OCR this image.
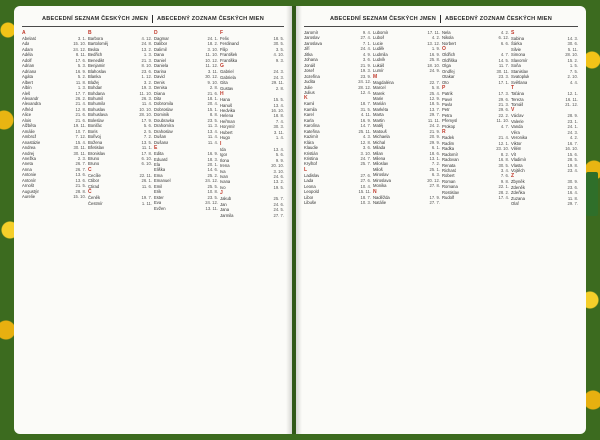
ABECEDNÍ SEZNAM ČESKÝCH JMEN ABECEDNÝ ZOZNAM ČESKÝCH MIEN
A
Abelard	3. 1.
Ada	15. 10.
Adam	24. 12.
Adéla	8. 11.
Adolf	17. 6.
Adrian	5. 3.
Adriana	16. 9.
Agáta	5. 2.
Albert	11. 8.
Albín	1. 3.
Aleš	17. 7.
Alexandr	26. 2.
Alexandra	21. 4.
Alfréd	12. 8.
Alice	21. 6.
Alois	21. 6.
Alžběta	19. 11.
Amálie	10. 7.
Ambrož	7. 12.
Anastázie	15. 4.
Andrea	30. 11.
Andrej	30. 11.
Anežka	2. 3.
Aneta	26. 7.
Anna	26. 7.
Antonie	13. 6.
Antonín	13. 6.
Arnošt	21. 5.
Augustýn	28. 8.
Aurelie	15. 10.
B
Barbora	4. 12.
Bartoloměj	24. 8.
Beáta	13. 2.
Bedřich	1. 3.
Benedikt	21. 3.
Benjamin	8. 10.
Blahoslav	23. 6.
Blanka	1. 12.
Blažej	3. 2.
Bohdan	19. 3.
Bohdana	11. 10.
Bohumil	26. 3.
Bohumila	11. 4.
Bohuslav	10. 10.
Bohuslava	28. 10.
Boleslav	17. 9.
Bonifác	5. 6.
Boris	2. 5.
Bořivoj	7. 2.
Božena	13. 5.
Břetislav	11. 1.
Bronislav	17. 8.
Bruno	6. 10.
Bruno	6. 10.
C
Cecílie	22. 11.
Ctibor	26. 1.
Ctirad	11. 6.
Č
Čeněk	19. 7.
Čestmír	1. 11.
D
Dagmar	24. 1.
Dalibor	18. 2.
Dalimil	3. 10.
Dana	11. 10.
Daniel	10. 12.
Daniela	11. 12.
Darina	3. 11.
David	30. 12.
Denis	9. 10.
Denisa	2. 8.
Diana	21. 6.
Dita	18. 1.
Dobromila	20. 4.
Dobroslav	15. 1.
Dominik	8. 8.
Doubravka	23. 5.
Drahomíra	11. 3.
Drahoslav	13. 4.
Dušan	11. 4.
Dušana	11. 4.
E
Edita	16. 9.
Eduard	18. 3.
Ela	20. 1.
Eliška	14. 6.
Ema	25. 2.
Emanuel	24. 12.
Emil	25. 5.
Erik	10. 8.
Ester	23. 5.
Eva	24. 12.
Evžen	13. 11.
F
Felix	18. 5.
Ferdinand	30. 5.
Filip	3. 5.
František	4. 10.
Františka	9. 3.
G
Gabriel	24. 3.
Gabriela	24. 3.
Gita	29. 11.
Gustav	2. 8.
H
Hana	15. 5.
Hanuš	13. 4.
Hedvika	16. 10.
Helena	18. 8.
Heřman	7. 4.
Horymír	30. 3.
Hubert	3. 11.
Hugo	1. 4.
I
Ida	13. 4.
Igor	5. 6.
Ilona	9. 9.
Irena	20. 10.
Iva	3. 10.
Ivan	24. 6.
Ivana	13. 2.
Ivo	19. 5.
J
Jakub	25. 7.
Jan	24. 6.
Jana	24. 5.
Jarmila	27. 7.
ABECEDNÍ SEZNAM ČESKÝCH JMEN ABECEDNÝ ZOZNAM ČESKÝCH MIEN
Jaromír	9. 4.
Jaroslav	27. 4.
Jaroslava	7. 1.
Jiří	24. 4.
Jitka	4. 9.
Johana	3. 6.
Jonáš	21. 9.
Josef	19. 3.
Jozefína	23. 9.
Judita	24. 12.
Julie	28. 12.
Julius	12. 4.
K
Kamil	18. 7.
Kamila	31. 5.
Karel	4. 11.
Karla	16. 9.
Karolína	14. 7.
Kateřina	25. 11.
Kazimír	4. 3.
Klára	12. 8.
Klaudie	3. 6.
Kristián	3. 10.
Kristina	24. 7.
Kryštof	25. 7.
L
Ladislav	27. 6.
Lada	27. 6.
Leona	10. 4.
Leopold	15. 11.
Libor	18. 7.
Libuše	10. 3.
Lubomír	17. 11.
Luboš	4. 2.
Lucie	13. 12.
Luděk	1. 9.
Ludmila	16. 9.
Ludvík	25. 8.
Lukáš	18. 10.
Lumír	24. 9.
M
Magdaléna	22. 7.
Marcel	5. 8.
Marek	25. 4.
Marie	12. 9.
Marián	18. 5.
Markéta	13. 7.
Marta	29. 7.
Martin	11. 11.
Matěj	24. 2.
Matouš	21. 9.
Michaela	20. 9.
Michal	29. 9.
Milada	6. 1.
Milan	18. 6.
Milena	13. 1.
Miloslav	7. 2.
Miloš	25. 1.
Miroslav	6. 3.
Miroslava	20. 12.
Monika	27. 8.
N
Naděžda	17. 9.
Natálie	27. 7.
Nela	4. 2.
Nikola	6. 12.
Norbert	6. 6.
O
Oldřich	4. 7.
Oldřiška	14. 5.
Olga	11. 7.
Ondřej	30. 11.
Otakar	23. 3.
Oto	17. 1.
P
Patrik	17. 3.
Pavel	29. 6.
Pavla	21. 3.
Petr	29. 6.
Petra	22. 2.
Přemysl	11. 10.
Prokop	4. 7.
R
Radek	21. 4.
Radim	12. 1.
Radka	23. 10.
Radomír	8. 2.
Radovan	16. 8.
Renata	30. 5.
Richard	3. 4.
Robert	7. 6.
Roman	9. 8.
Romana	22. 1.
Rostislav	28. 2.
Rudolf	17. 4.
S
Sabina	14. 3.
Šárka	30. 6.
Silvie	5. 11.
Simona	28. 10.
Slavomír	15. 2.
Soňa	1. 5.
Stanislav	7. 5.
Svatopluk	2. 10.
Světlana	4. 4.
T
Taťána	12. 1.
Tereza	16. 11.
Tomáš	21. 12.
V
Václav	28. 9.
Valerie	23. 1.
Vanda	24. 1.
Věra	24. 3.
Veronika	4. 2.
Viktor	16. 7.
Vilém	16. 10.
Vít	15. 6.
Vladimír	28. 5.
Vlasta	19. 8.
Vojtěch	23. 4.
Z
Zbyněk	30. 9.
Zdeněk	23. 6.
Zdeňka	16. 4.
Zuzana	11. 8.
Olaf	29. 7.
